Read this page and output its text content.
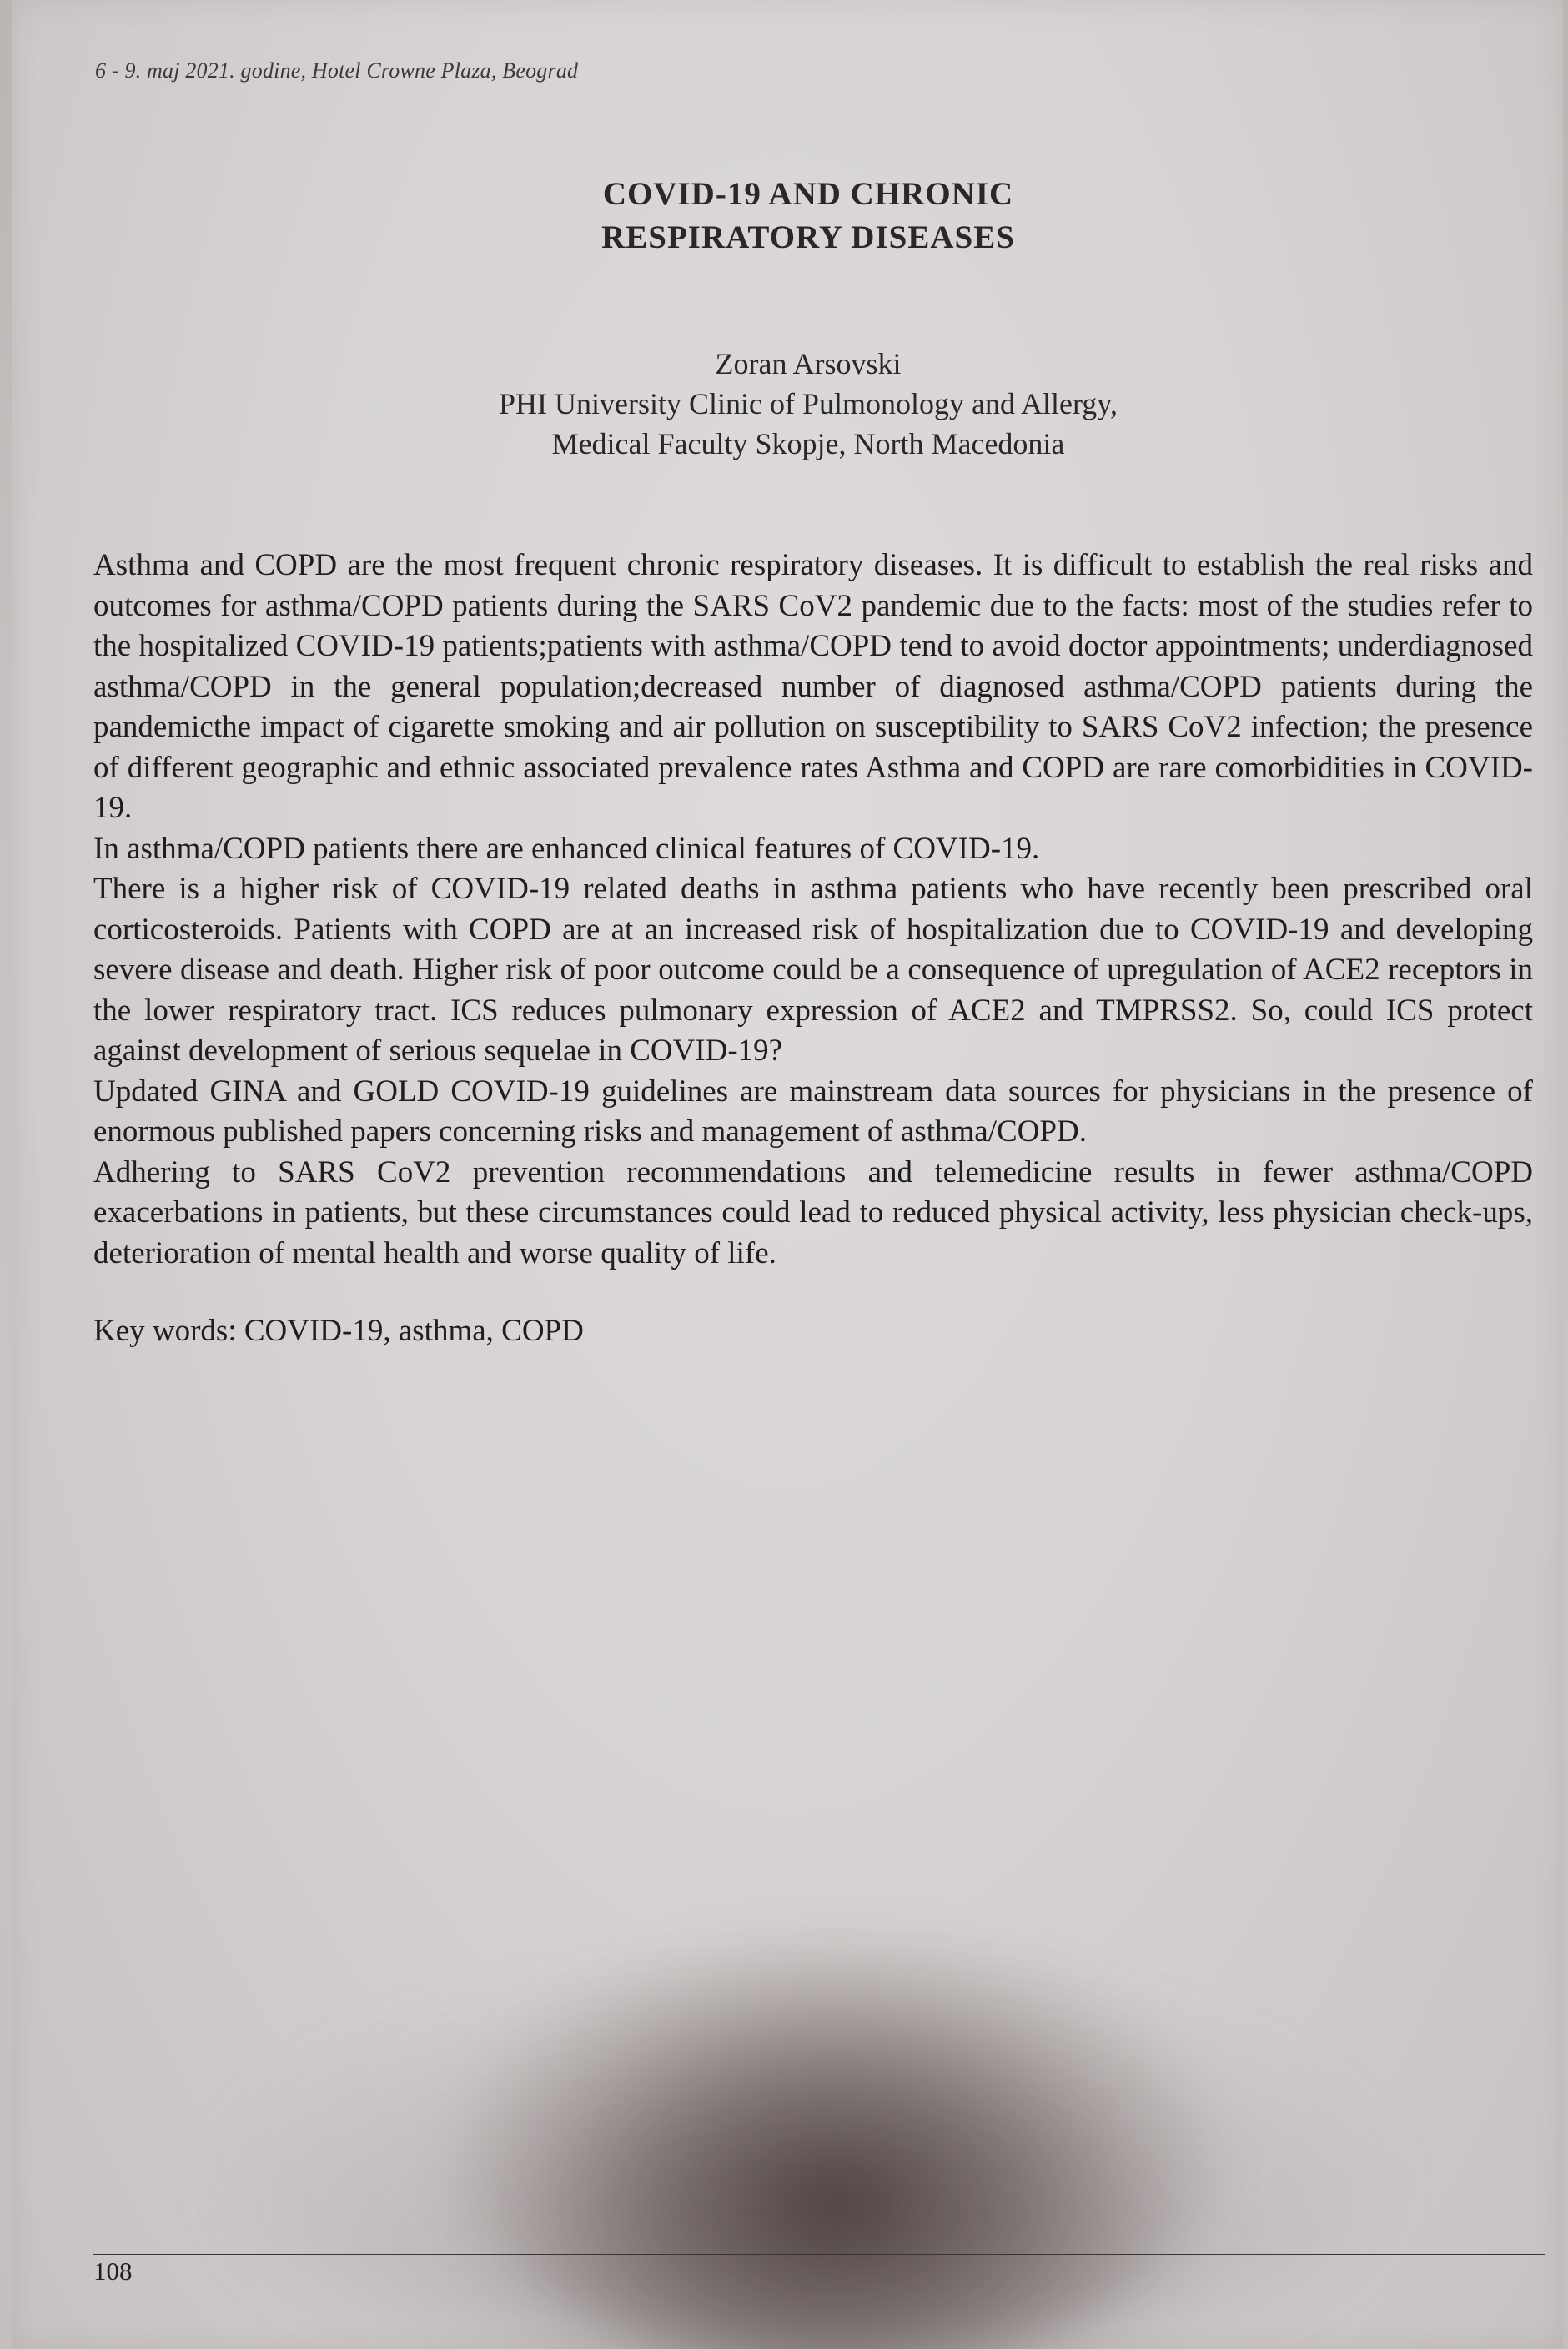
6 - 9. maj 2021. godine, Hotel Crowne Plaza, Beograd
COVID-19 AND CHRONIC
RESPIRATORY DISEASES
Zoran Arsovski
PHI University Clinic of Pulmonology and Allergy,
Medical Faculty Skopje, North Macedonia

Asthma and COPD are the most frequent chronic respiratory diseases. It is difficult to establish the real risks and outcomes for asthma/COPD patients during the SARS CoV2 pandemic due to the facts: most of the studies refer to the hospitalized COVID-19 patients;patients with asthma/COPD tend to avoid doctor appointments; underdiagnosed asthma/COPD in the general population;decreased number of diagnosed asthma/COPD patients during the pandemicthe impact of cigarette smoking and air pollution on susceptibility to SARS CoV2 infection; the presence of different geographic and ethnic associated prevalence rates Asthma and COPD are rare comorbidities in COVID-19.

In asthma/COPD patients there are enhanced clinical features of COVID-19.

There is a higher risk of COVID-19 related deaths in asthma patients who have recently been prescribed oral corticosteroids. Patients with COPD are at an increased risk of hospitalization due to COVID-19 and developing severe disease and death. Higher risk of poor outcome could be a consequence of upregulation of ACE2 receptors in the lower respiratory tract. ICS reduces pulmonary expression of ACE2 and TMPRSS2. So, could ICS protect against development of serious sequelae in COVID-19?

Updated GINA and GOLD COVID-19 guidelines are mainstream data sources for physicians in the presence of enormous published papers concerning risks and management of asthma/COPD.

Adhering to SARS CoV2 prevention recommendations and telemedicine results in fewer asthma/COPD exacerbations in patients, but these circumstances could lead to reduced physical activity, less physician check-ups, deterioration of mental health and worse quality of life.

Key words: COVID-19, asthma, COPD
108
